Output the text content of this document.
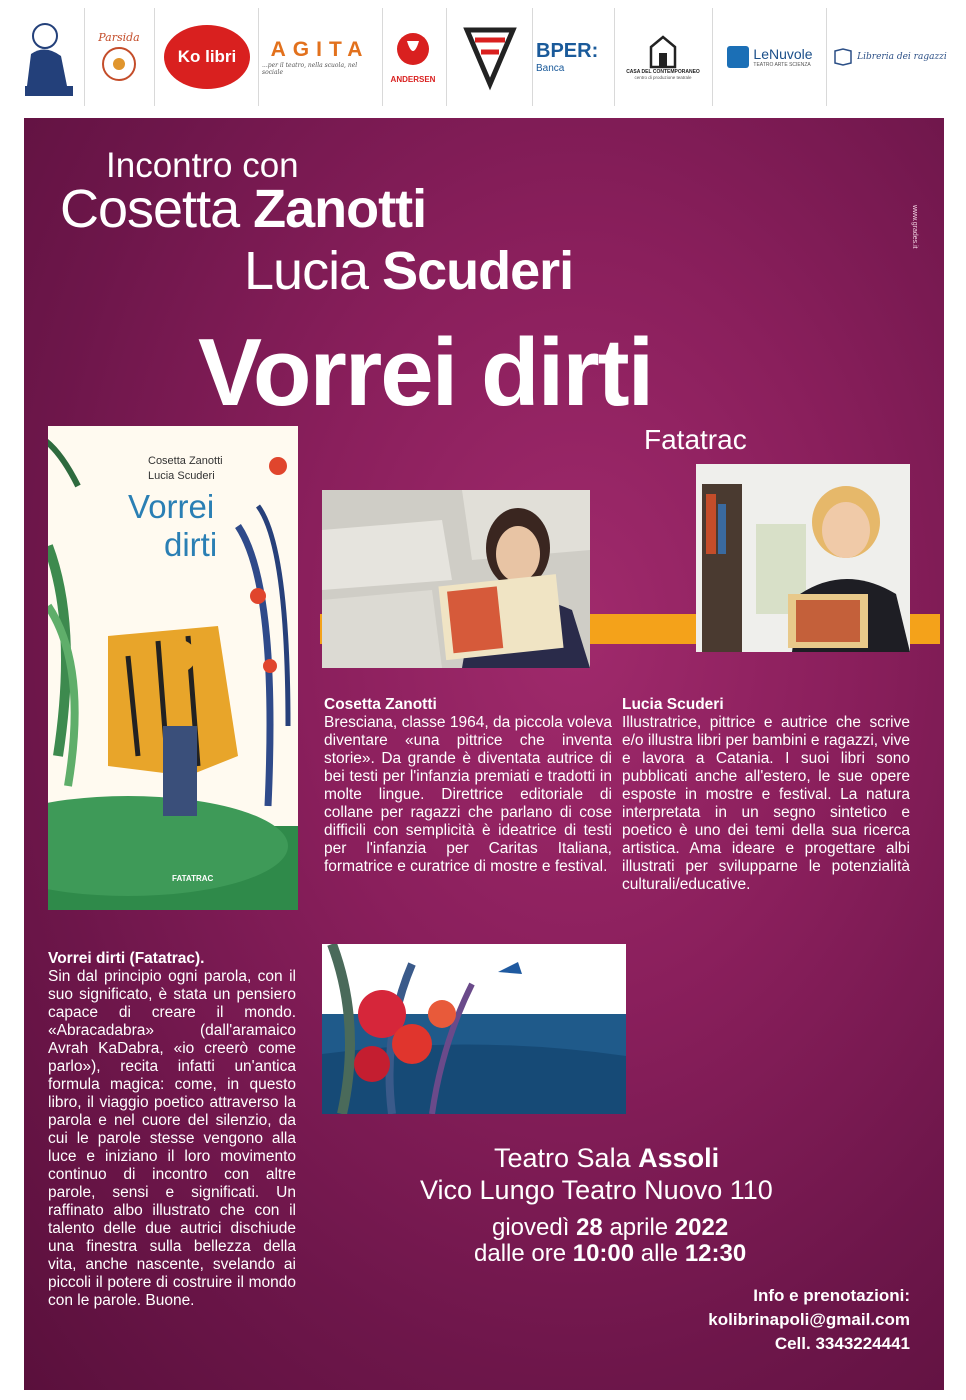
Parsida
Ko libri AGITA
...per il teatro, nella scuola, nel sociale
ANDERSEN
BPER:
Banca	CASA DEL CONTEMPORANEO
centro di produzione teatrale
LeNuvole
TEATRO ARTE SCIENZA
Libreria dei ragazzi
Incontro con
Cosetta Zanotti
Lucia Scuderi
Vorrei dirti
Fatatrac
www.grades.it
Cosetta Zanotti
Lucia Scuderi
Vorrei
dirti
FATATRAC
Cosetta Zanotti
Bresciana, classe 1964, da piccola voleva diventare «una pittrice che inventa storie». Da grande è diventata autrice di bei testi per l'infanzia premiati e tradotti in molte lingue. Direttrice editoriale di collane per ragazzi che parlano di cose difficili con semplicità è ideatrice di testi per l'infanzia per Caritas Italiana, formatrice e curatrice di mostre e festival.
Lucia Scuderi
Illustratrice, pittrice e autrice che scrive e/o illustra libri per bambini e ragazzi, vive e lavora a Catania. I suoi libri sono pubblicati anche all'estero, le sue opere esposte in mostre e festival. La natura interpretata in un segno sintetico e poetico è uno dei temi della sua ricerca artistica. Ama ideare e progettare albi illustrati per svilupparne le potenzialità culturali/educative.
Vorrei dirti (Fatatrac).
Sin dal principio ogni parola, con il suo significato, è stata un pensiero capace di creare il mondo. «Abracadabra» (dall'aramaico Avrah KaDabra, «io creerò come parlo»), recita infatti un'antica formula magica: come, in questo libro, il viaggio poetico attraverso la parola e nel cuore del silenzio, da cui le parole stesse vengono alla luce e iniziano il loro movimento continuo di incontro con altre parole, sensi e significati. Un raffinato albo illustrato che con il talento delle due autrici dischiude una finestra sulla bellezza della vita, anche nascente, svelando ai piccoli il potere di costruire il mondo con le parole. Buone.
Teatro Sala Assoli
Vico Lungo Teatro Nuovo 110
giovedì 28 aprile 2022
dalle ore 10:00 alle 12:30
Info e prenotazioni:
kolibrinapoli@gmail.com
Cell. 3343224441
